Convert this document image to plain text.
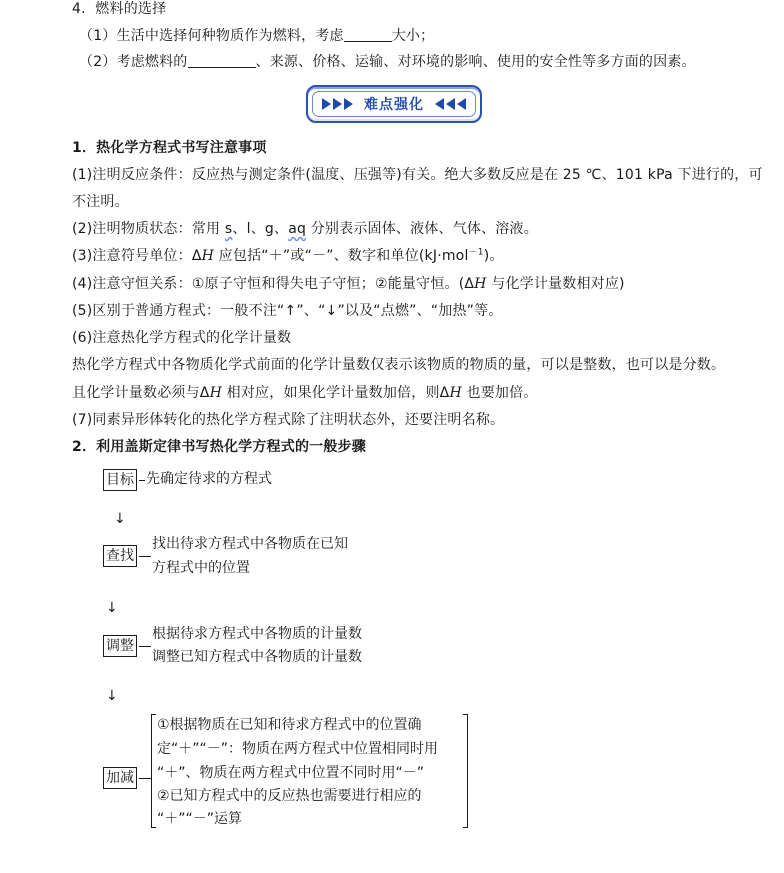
4．燃料的选择
（1）生活中选择何种物质作为燃料，考虑	大小；
（2）考虑燃料的	、来源、价格、运输、对环境的影响、使用的安全性等多方面的因素。
难点强化
1．热化学方程式书写注意事项
(1)注明反应条件：反应热与测定条件(温度、压强等)有关。绝大多数反应是在 25 ℃、101 kPa 下进行的，可
不注明。
(2)注明物质状态：常用 s、l、g、aq 分别表示固体、液体、气体、溶液。
(3)注意符号单位：ΔH 应包括“＋”或“－”、数字和单位(kJ·mol$^{-1}$)。
(4)注意守恒关系：①原子守恒和得失电子守恒；②能量守恒。(ΔH 与化学计量数相对应)
(5)区别于普通方程式：一般不注“↑”、“↓”以及“点燃”、“加热”等。
(6)注意热化学方程式的化学计量数
热化学方程式中各物质化学式前面的化学计量数仅表示该物质的物质的量，可以是整数，也可以是分数。
且化学计量数必须与ΔH 相对应，如果化学计量数加倍，则ΔH 也要加倍。
(7)同素异形体转化的热化学方程式除了注明状态外，还要注明名称。
2．利用盖斯定律书写热化学方程式的一般步骤
目标 先确定待求的方程式
↓
查找
找出待求方程式中各物质在已知
方程式中的位置
↓
调整
根据待求方程式中各物质的计量数
调整已知方程式中各物质的计量数
↓
加减
①根据物质在已知和待求方程式中的位置确
定“＋”“－”：物质在两方程式中位置相同时用
“＋”、物质在两方程式中位置不同时用“－”
②已知方程式中的反应热也需要进行相应的
“＋”“－”运算
